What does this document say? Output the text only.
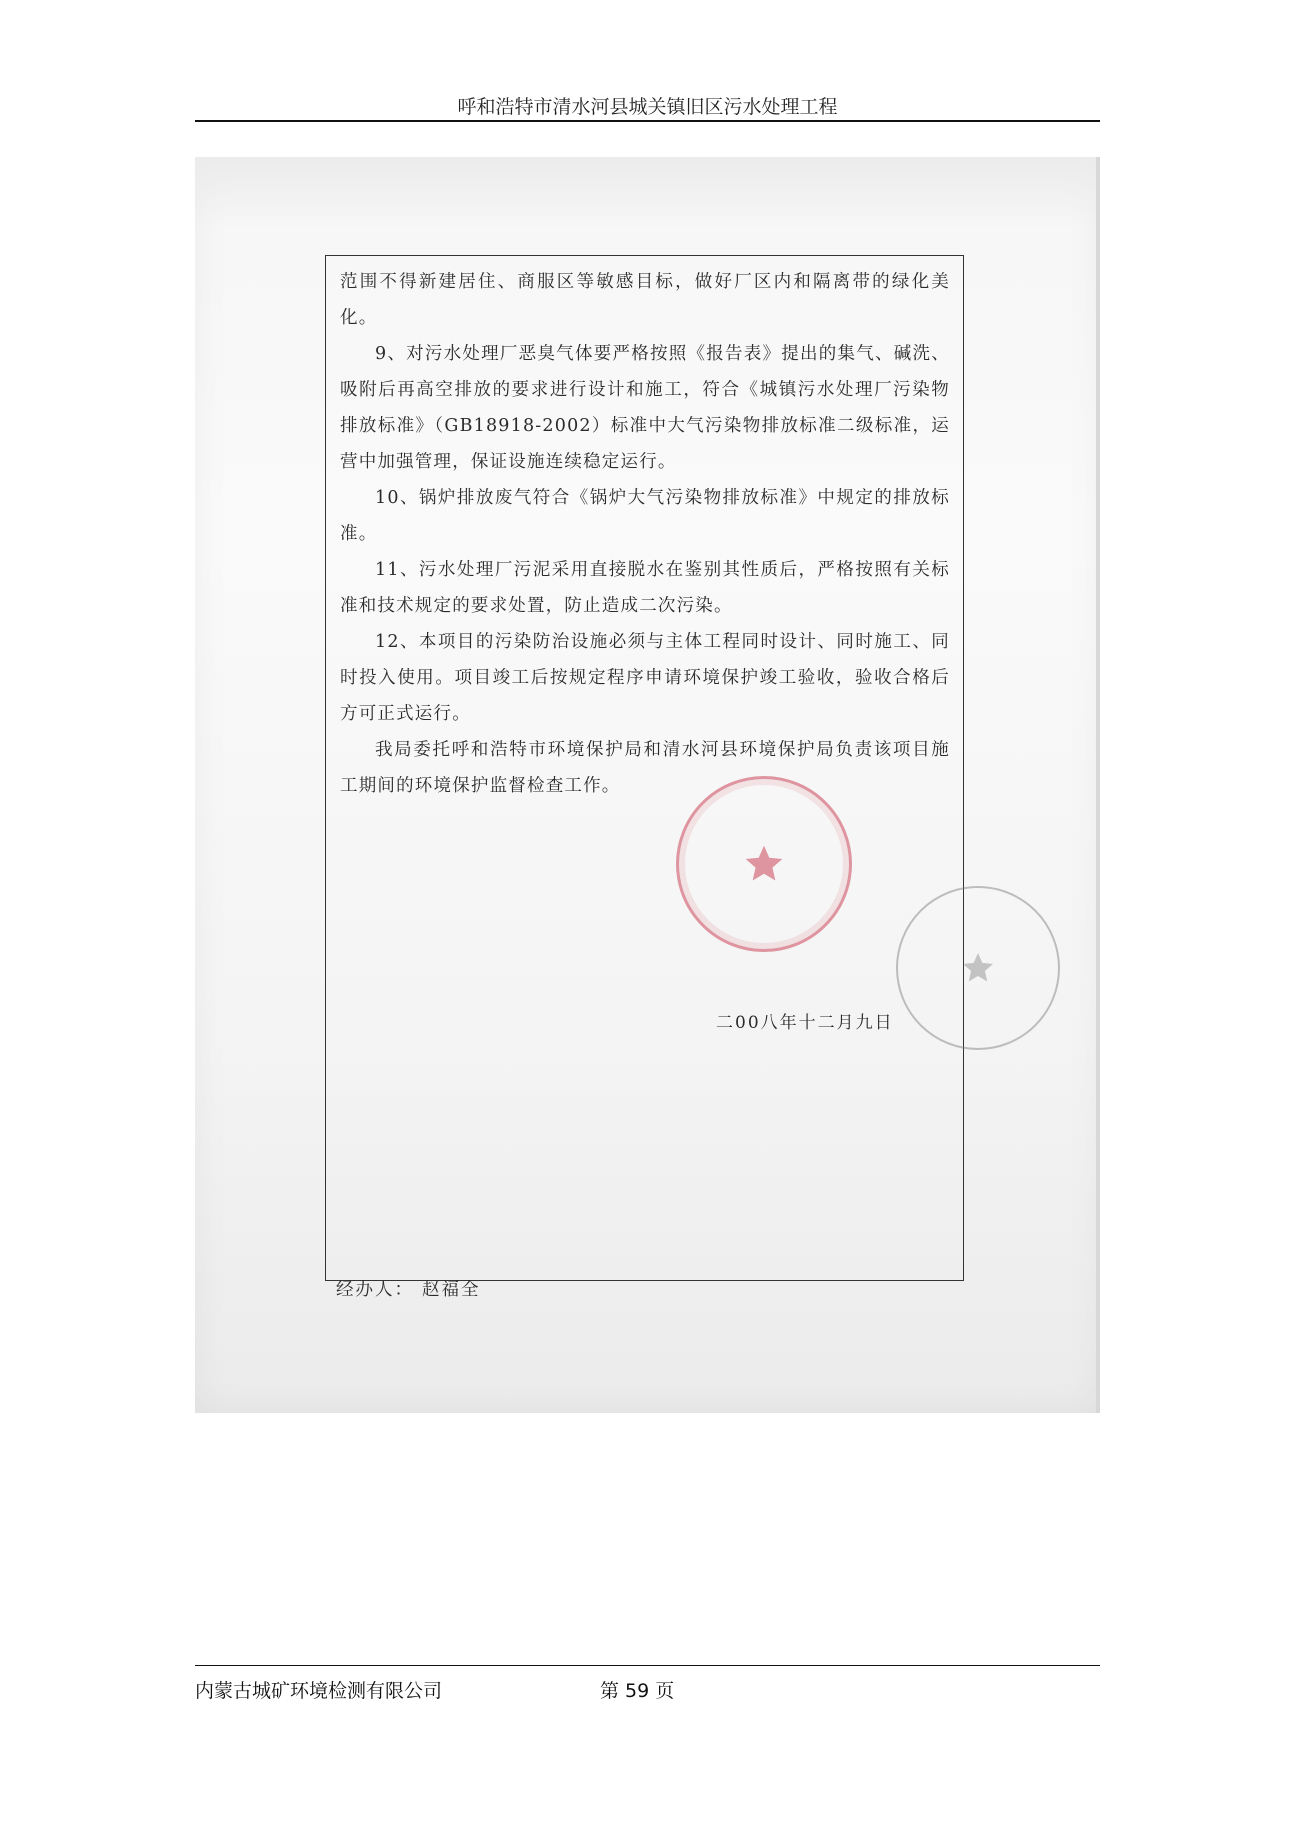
呼和浩特市清水河县城关镇旧区污水处理工程

范围不得新建居住、商服区等敏感目标，做好厂区内和隔离带的绿化美化。

9、对污水处理厂恶臭气体要严格按照《报告表》提出的集气、碱洗、吸附后再高空排放的要求进行设计和施工，符合《城镇污水处理厂污染物排放标准》（GB18918-2002）标准中大气污染物排放标准二级标准，运营中加强管理，保证设施连续稳定运行。

10、锅炉排放废气符合《锅炉大气污染物排放标准》中规定的排放标准。

11、污水处理厂污泥采用直接脱水在鉴别其性质后，严格按照有关标准和技术规定的要求处置，防止造成二次污染。

12、本项目的污染防治设施必须与主体工程同时设计、同时施工、同时投入使用。项目竣工后按规定程序申请环境保护竣工验收，验收合格后方可正式运行。

我局委托呼和浩特市环境保护局和清水河县环境保护局负责该项目施工期间的环境保护监督检查工作。

二00八年十二月九日
经办人： 赵福全
内蒙古城矿环境检测有限公司	第 59 页
